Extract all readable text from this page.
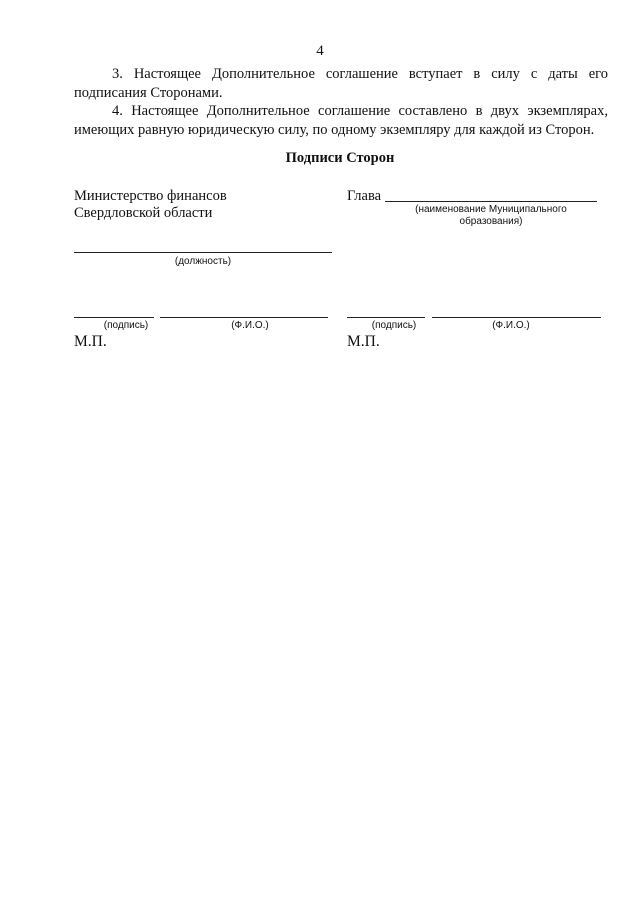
4

3. Настоящее Дополнительное соглашение вступает в силу с даты его подписания Сторонами.

4. Настоящее Дополнительное соглашение составлено в двух экземплярах, имеющих равную юридическую силу, по одному экземпляру для каждой из Сторон.

Подписи Сторон
Министерство финансов
Свердловской области
(должность)
(подпись)	(Ф.И.О.)
М.П.
Глава
(наименование Муниципального образования)
(подпись)	(Ф.И.О.)
М.П.
